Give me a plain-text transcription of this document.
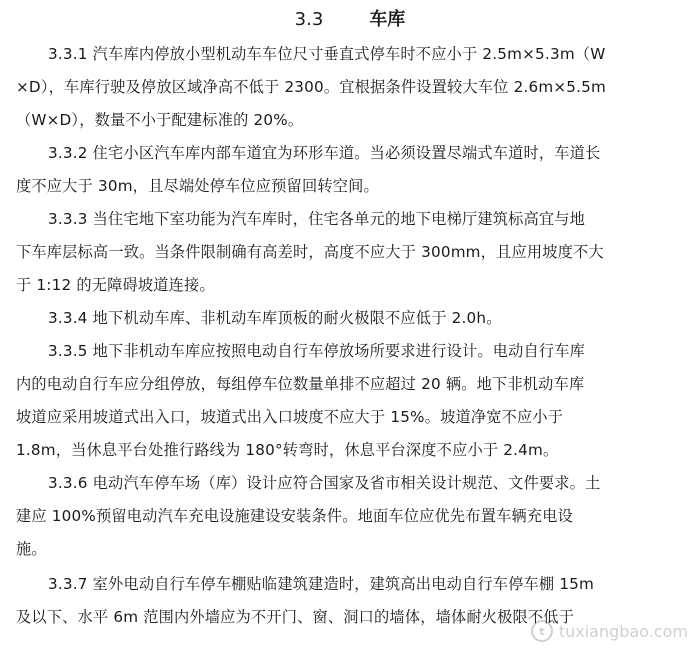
3.3	车库
3.3.1 汽车库内停放小型机动车车位尺寸垂直式停车时不应小于 2.5m×5.3m（W
×D），车库行驶及停放区域净高不低于 2300。宜根据条件设置较大车位 2.6m×5.5m
（W×D），数量不小于配建标准的 20%。
3.3.2 住宅小区汽车库内部车道宜为环形车道。当必须设置尽端式车道时，车道长
度不应大于 30m，且尽端处停车位应预留回转空间。
3.3.3 当住宅地下室功能为汽车库时，住宅各单元的地下电梯厅建筑标高宜与地
下车库层标高一致。当条件限制确有高差时，高度不应大于 300mm，且应用坡度不大
于 1:12 的无障碍坡道连接。
3.3.4 地下机动车库、非机动车库顶板的耐火极限不应低于 2.0h。
3.3.5 地下非机动车库应按照电动自行车停放场所要求进行设计。电动自行车库
内的电动自行车应分组停放，每组停车位数量单排不应超过 20 辆。地下非机动车库
坡道应采用坡道式出入口，坡道式出入口坡度不应大于 15%。坡道净宽不应小于
1.8m，当休息平台处推行路线为 180°转弯时，休息平台深度不应小于 2.4m。
3.3.6 电动汽车停车场（库）设计应符合国家及省市相关设计规范、文件要求。土
建应 100%预留电动汽车充电设施建设安装条件。地面车位应优先布置车辆充电设
施。
3.3.7 室外电动自行车停车棚贴临建筑建造时，建筑高出电动自行车停车棚 15m
及以下、水平 6m 范围内外墙应为不开门、窗、洞口的墙体，墙体耐火极限不低于
t tuxiangbao.com
